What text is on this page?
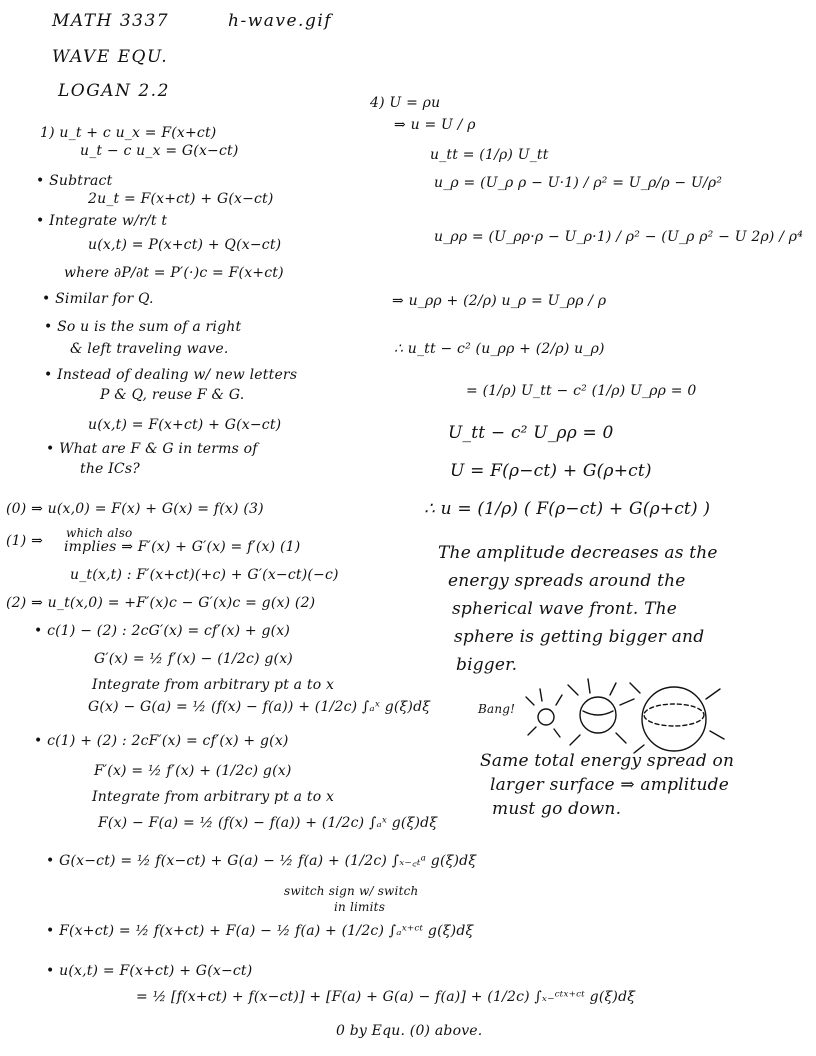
MATH 3337	h-wave.gif
WAVE EQU.
LOGAN 2.2
1) u_t + c u_x = F(x+ct)
u_t − c u_x = G(x−ct)
• Subtract
2u_t = F(x+ct) + G(x−ct)
• Integrate w/r/t t
u(x,t) = P(x+ct) + Q(x−ct)
where ∂P/∂t = P′(·)c = F(x+ct)
• Similar for Q.
• So u is the sum of a right
& left traveling wave.
• Instead of dealing w/ new letters
P & Q, reuse F & G.
u(x,t) = F(x+ct) + G(x−ct)
• What are F & G in terms of
the ICs?
(0) ⇒ u(x,0) = F(x) + G(x) = f(x) (3)
(1) ⇒ which also
implies ⇒ F′(x) + G′(x) = f′(x) (1)
u_t(x,t) : F′(x+ct)(+c) + G′(x−ct)(−c)
(2) ⇒ u_t(x,0) = +F′(x)c − G′(x)c = g(x) (2)
• c(1) − (2) : 2cG′(x) = cf′(x) + g(x)
G′(x) = ½ f′(x) − (1/2c) g(x)
Integrate from arbitrary pt a to x
G(x) − G(a) = ½ (f(x) − f(a)) + (1/2c) ∫ₐˣ g(ξ)dξ
• c(1) + (2) : 2cF′(x) = cf′(x) + g(x)
F′(x) = ½ f′(x) + (1/2c) g(x)
Integrate from arbitrary pt a to x
F(x) − F(a) = ½ (f(x) − f(a)) + (1/2c) ∫ₐˣ g(ξ)dξ
• G(x−ct) = ½ f(x−ct) + G(a) − ½ f(a) + (1/2c) ∫ₓ₋꜀ₜᵃ g(ξ)dξ
switch sign w/ switch
in limits
• F(x+ct) = ½ f(x+ct) + F(a) − ½ f(a) + (1/2c) ∫ₐˣ⁺ᶜᵗ g(ξ)dξ
• u(x,t) = F(x+ct) + G(x−ct)
= ½ [f(x+ct) + f(x−ct)] + [F(a) + G(a) − f(a)] + (1/2c) ∫ₓ₋ᶜᵗˣ⁺ᶜᵗ g(ξ)dξ
0 by Equ. (0) above.
4) U = ρu
⇒ u = U / ρ
u_tt = (1/ρ) U_tt
u_ρ = (U_ρ ρ − U·1) / ρ² = U_ρ/ρ − U/ρ²
u_ρρ = (U_ρρ·ρ − U_ρ·1) / ρ² − (U_ρ ρ² − U 2ρ) / ρ⁴
⇒ u_ρρ + (2/ρ) u_ρ = U_ρρ / ρ
∴ u_tt − c² (u_ρρ + (2/ρ) u_ρ)
= (1/ρ) U_tt − c² (1/ρ) U_ρρ = 0
U_tt − c² U_ρρ = 0
U = F(ρ−ct) + G(ρ+ct)
∴ u = (1/ρ) ( F(ρ−ct) + G(ρ+ct) )
The amplitude decreases as the
energy spreads around the
spherical wave front. The
sphere is getting bigger and
bigger.
Bang!
Same total energy spread on
larger surface ⇒ amplitude
must go down.
